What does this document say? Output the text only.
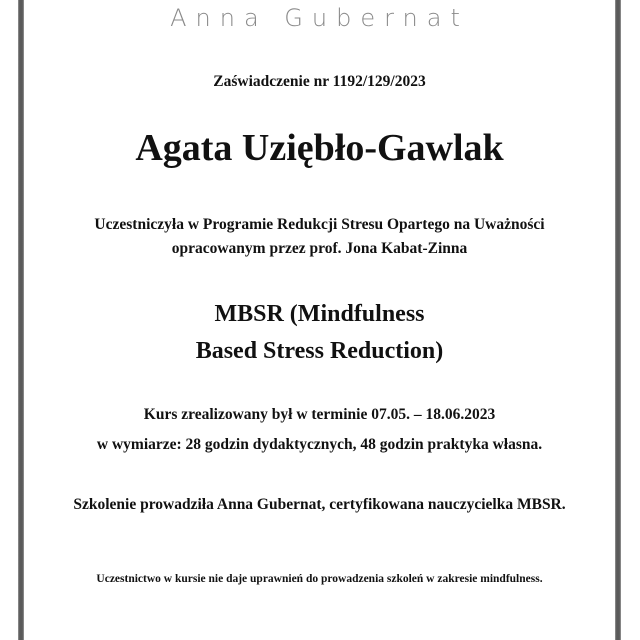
Anna Gubernat
Zaświadczenie nr 1192/129/2023
Agata Uziębło-Gawlak
Uczestniczyła w Programie Redukcji Stresu Opartego na Uważności
opracowanym przez prof. Jona Kabat-Zinna
MBSR (Mindfulness
Based Stress Reduction)
Kurs zrealizowany był w terminie 07.05. – 18.06.2023
w wymiarze: 28 godzin dydaktycznych, 48 godzin praktyka własna.
Szkolenie prowadziła Anna Gubernat, certyfikowana nauczycielka MBSR.
Uczestnictwo w kursie nie daje uprawnień do prowadzenia szkoleń w zakresie mindfulness.
